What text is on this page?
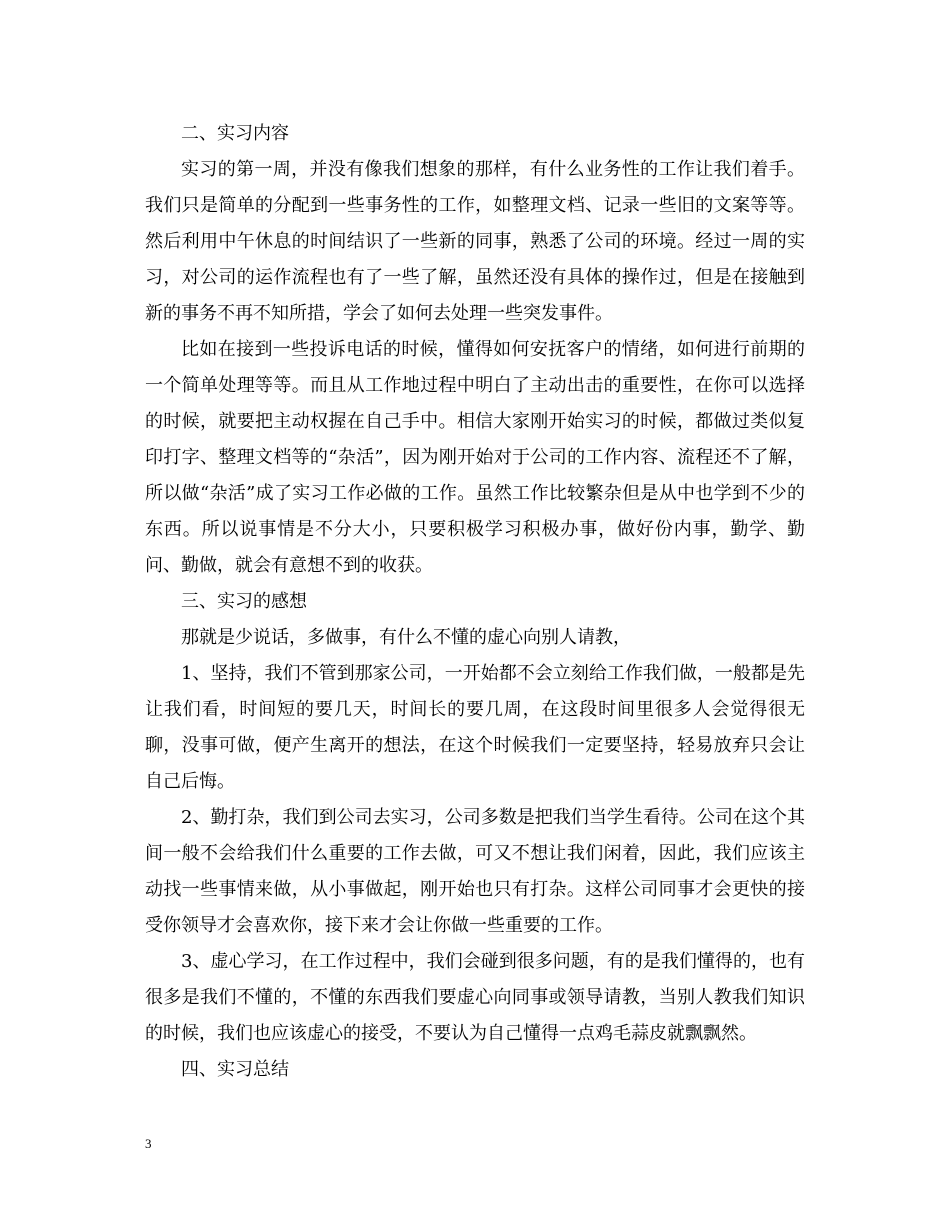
二、实习内容

实习的第一周，并没有像我们想象的那样，有什么业务性的工作让我们着手。我们只是简单的分配到一些事务性的工作，如整理文档、记录一些旧的文案等等。然后利用中午休息的时间结识了一些新的同事，熟悉了公司的环境。经过一周的实习，对公司的运作流程也有了一些了解，虽然还没有具体的操作过，但是在接触到新的事务不再不知所措，学会了如何去处理一些突发事件。

比如在接到一些投诉电话的时候，懂得如何安抚客户的情绪，如何进行前期的一个简单处理等等。而且从工作地过程中明白了主动出击的重要性，在你可以选择的时候，就要把主动权握在自己手中。相信大家刚开始实习的时候，都做过类似复印打字、整理文档等的“杂活”，因为刚开始对于公司的工作内容、流程还不了解，所以做“杂活”成了实习工作必做的工作。虽然工作比较繁杂但是从中也学到不少的东西。所以说事情是不分大小，只要积极学习积极办事，做好份内事，勤学、勤问、勤做，就会有意想不到的收获。

三、实习的感想

那就是少说话，多做事，有什么不懂的虚心向别人请教，

1、坚持，我们不管到那家公司，一开始都不会立刻给工作我们做，一般都是先让我们看，时间短的要几天，时间长的要几周，在这段时间里很多人会觉得很无聊，没事可做，便产生离开的想法，在这个时候我们一定要坚持，轻易放弃只会让自己后悔。

2、勤打杂，我们到公司去实习，公司多数是把我们当学生看待。公司在这个其间一般不会给我们什么重要的工作去做，可又不想让我们闲着，因此，我们应该主动找一些事情来做，从小事做起，刚开始也只有打杂。这样公司同事才会更快的接受你领导才会喜欢你，接下来才会让你做一些重要的工作。

3、虚心学习，在工作过程中，我们会碰到很多问题，有的是我们懂得的，也有很多是我们不懂的，不懂的东西我们要虚心向同事或领导请教，当别人教我们知识的时候，我们也应该虚心的接受，不要认为自己懂得一点鸡毛蒜皮就飘飘然。

四、实习总结

3
